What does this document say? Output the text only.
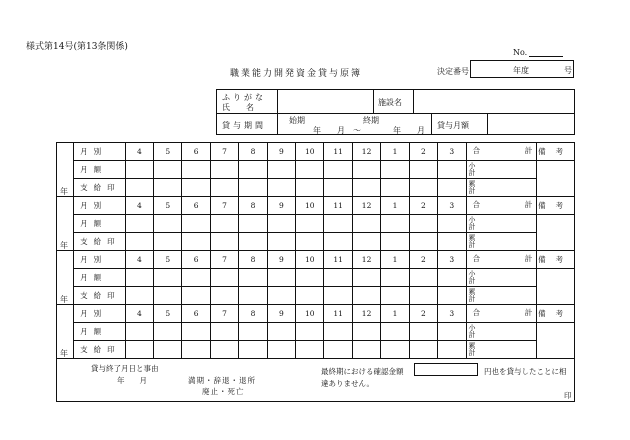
様式第14号(第13条関係)
No.
職業能力開発資金貸与原簿	決定番号	年度	号
ふりがな
氏　　名
施設名
貸与期間
始期	終期
年　　月　〜	年　　月
貸与月額
年	月別	4	5	6	7	8	9	10	11	12	1	2	3	合 計	備考
	月額													小計	
	支給印													累計	
年	月別	4	5	6	7	8	9	10	11	12	1	2	3	合 計	備考
	月額													小計	
	支給印													累計	
年	月別	4	5	6	7	8	9	10	11	12	1	2	3	合 計	備考
	月額													小計	
	支給印													累計	
年	月別	4	5	6	7	8	9	10	11	12	1	2	3	合 計	備考
	月額													小計	
	支給印													累計	
貸与終了月日と事由
年　　月	満期・辞退・退所
廃止・死亡
最終期における確認金額	円也を貸与したことに相
違ありません。
印
